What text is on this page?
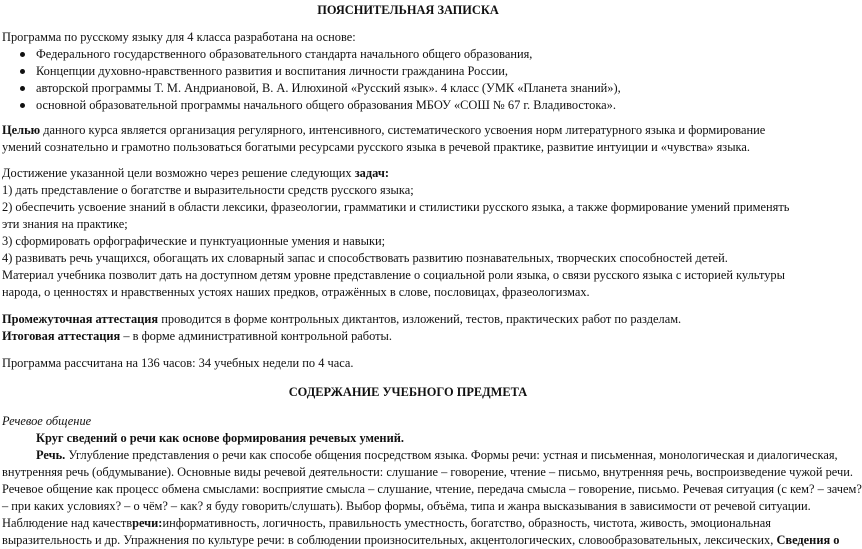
ПОЯСНИТЕЛЬНАЯ ЗАПИСКА

Программа по русскому языку для 4 класса разработана на основе:

Федерального государственного образовательного стандарта начального общего образования,
Концепции духовно-нравственного развития и воспитания личности гражданина России,
авторской программы Т. М. Андриановой, В. А. Илюхиной «Русский язык». 4 класс (УМК «Планета знаний»),
основной образовательной программы начального общего образования МБОУ «СОШ № 67 г. Владивостока».

Целью данного курса является организация регулярного, интенсивного, систематического усвоения норм литературного языка и формирование
умений сознательно и грамотно пользоваться богатыми ресурсами русского языка в речевой практике, развитие интуиции и «чувства» языка.

Достижение указанной цели возможно через решение следующих задач:
1) дать представление о богатстве и выразительности средств русского языка;
2) обеспечить усвоение знаний в области лексики, фразеологии, грамматики и стилистики русского языка, а также формирование умений применять
эти знания на практике;
3) сформировать орфографические и пунктуационные умения и навыки;
4) развивать речь учащихся, обогащать их словарный запас и способствовать развитию познавательных, творческих способностей детей.

Материал учебника позволит дать на доступном детям уровне представление о социальной роли языка, о связи русского языка с историей культуры
народа, о ценностях и нравственных устоях наших предков, отражённых в слове, пословицах, фразеологизмах.

Промежуточная аттестация проводится в форме контрольных диктантов, изложений, тестов, практических работ по разделам.
Итоговая аттестация – в форме административной контрольной работы.

Программа рассчитана на 136 часов: 34 учебных недели по 4 часа.

СОДЕРЖАНИЕ УЧЕБНОГО ПРЕДМЕТА

Речевое общение

Круг сведений о речи как основе формирования речевых умений.
Речь. Углубление представления о речи как способе общения посредством языка. Формы речи: устная и письменная, монологическая и диалогическая,
внутренняя речь (обдумывание). Основные виды речевой деятельности: слушание – говорение, чтение – письмо, внутренняя речь, воспроизведение чужой речи.
Речевое общение как процесс обмена смыслами: восприятие смысла – слушание, чтение, передача смысла – говорение, письмо. Речевая ситуация (с кем? – зачем?
– при каких условиях? – о чём? – как? я буду говорить/слушать). Выбор формы, объёма, типа и жанра высказывания в зависимости от речевой ситуации.
Наблюдение над качествречи:информативность, логичность, правильность уместность, богатство, образность, чистота, живость, эмоциональная
выразительность и др. Упражнения по культуре речи: в соблюдении произносительных, акцентологических, словообразовательных, лексических, Сведения о
